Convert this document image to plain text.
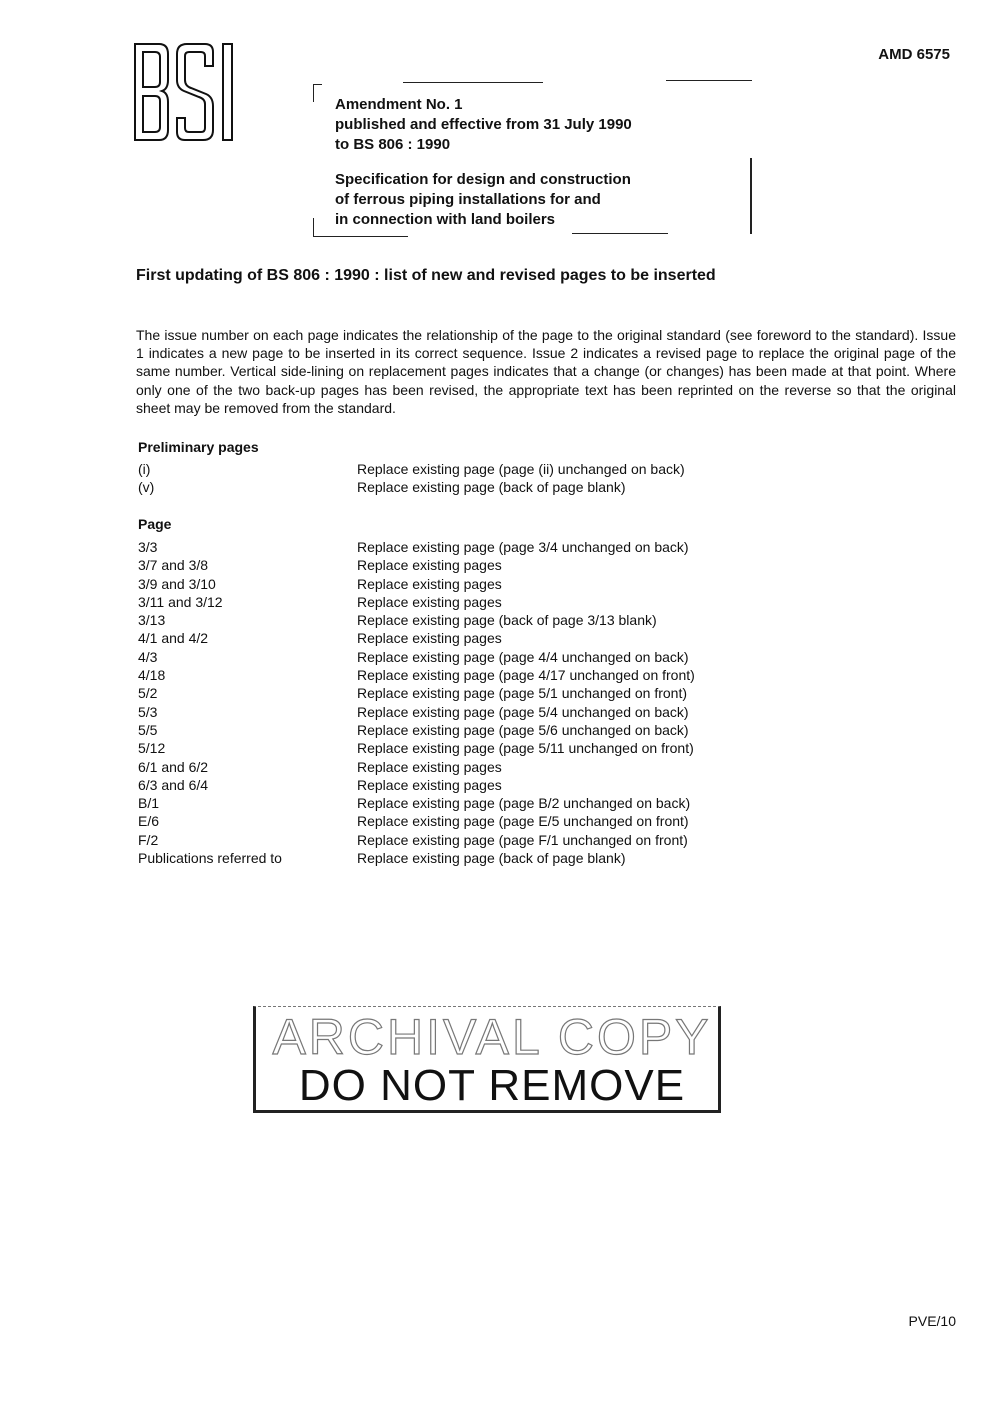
AMD 6575
Amendment No. 1
published and effective from 31 July 1990
to BS 806 : 1990
Specification for design and construction
of ferrous piping installations for and
in connection with land boilers
First updating of BS 806 : 1990 : list of new and revised pages to be inserted
The issue number on each page indicates the relationship of the page to the original standard (see foreword to the standard). Issue 1 indicates a new page to be inserted in its correct sequence. Issue 2 indicates a revised page to replace the original page of the same number. Vertical side-lining on replacement pages indicates that a change (or changes) has been made at that point. Where only one of the two back-up pages has been revised, the appropriate text has been reprinted on the reverse so that the original sheet may be removed from the standard.
Preliminary pages
(i)	Replace existing page (page (ii) unchanged on back)
(v)	Replace existing page (back of page blank)
Page
3/3	Replace existing page (page 3/4 unchanged on back)
3/7 and 3/8	Replace existing pages
3/9 and 3/10	Replace existing pages
3/11 and 3/12	Replace existing pages
3/13	Replace existing page (back of page 3/13 blank)
4/1 and 4/2	Replace existing pages
4/3	Replace existing page (page 4/4 unchanged on back)
4/18	Replace existing page (page 4/17 unchanged on front)
5/2	Replace existing page (page 5/1 unchanged on front)
5/3	Replace existing page (page 5/4 unchanged on back)
5/5	Replace existing page (page 5/6 unchanged on back)
5/12	Replace existing page (page 5/11 unchanged on front)
6/1 and 6/2	Replace existing pages
6/3 and 6/4	Replace existing pages
B/1	Replace existing page (page B/2 unchanged on back)
E/6	Replace existing page (page E/5 unchanged on front)
F/2	Replace existing page (page F/1 unchanged on front)
Publications referred to	Replace existing page (back of page blank)
ARCHIVAL COPY
DO NOT REMOVE
PVE/10
